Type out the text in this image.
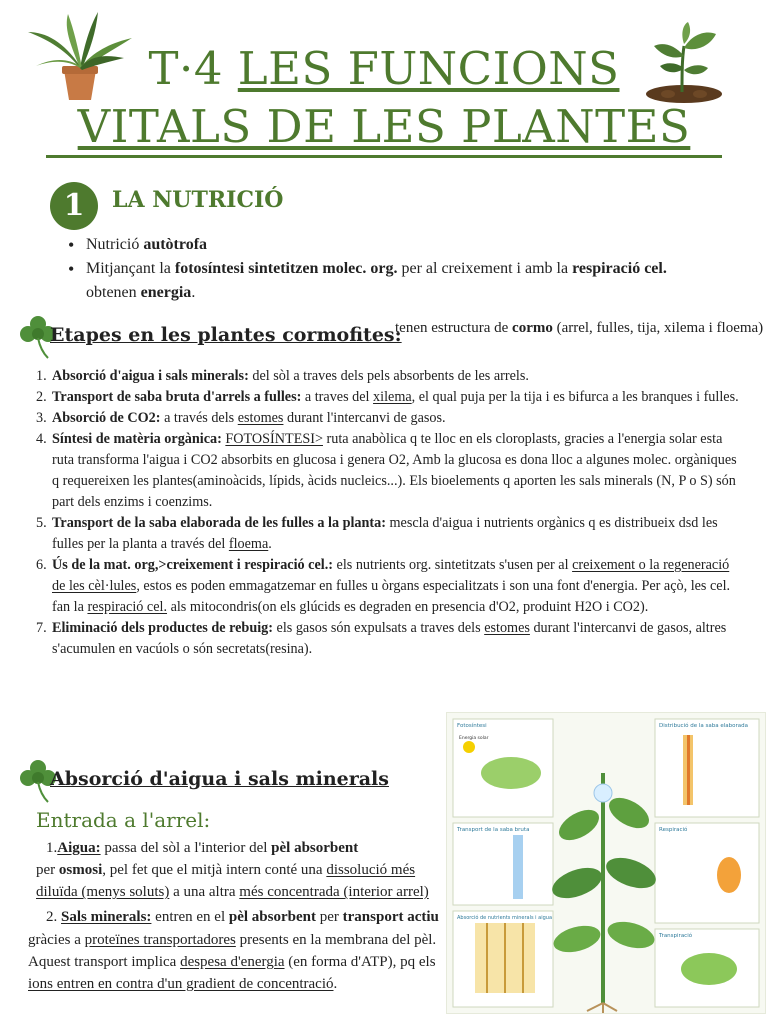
T·4 LES FUNCIONS
VITALS DE LES PLANTES
1	LA NUTRICIÓ
• Nutrició autòtrofa
• Mitjançant la fotosíntesi sintetitzen molec. org. per al creixement i amb la respiració cel. obtenen energia.
Etapes en les plantes cormofites:
tenen estructura de cormo (arrel, fulles, tija, xilema i floema)
1. Absorció d'aigua i sals minerals: del sòl a traves dels pels absorbents de les arrels.
2. Transport de saba bruta d'arrels a fulles: a traves del xilema, el qual puja per la tija i es bifurca a les branques i fulles.
3. Absorció de CO2: a través dels estomes durant l'intercanvi de gasos.
4. Síntesi de matèria orgànica: FOTOSÍNTESI> ruta anabòlica q te lloc en els cloroplasts, gracies a l'energia solar esta ruta transforma l'aigua i CO2 absorbits en glucosa i genera O2, Amb la glucosa es dona lloc a algunes molec. orgàniques q requereixen les plantes(aminoàcids, lípids, àcids nucleics...). Els bioelements q aporten les sals minerals (N, P o S) són part dels enzims i coenzims.
5. Transport de la saba elaborada de les fulles a la planta: mescla d'aigua i nutrients orgànics q es distribueix dsd les fulles per la planta a través del floema.
6. Ús de la mat. org,>creixement i respiració cel.: els nutrients org. sintetitzats s'usen per al creixement o la regeneració de les cèl·lules, estos es poden emmagatzemar en fulles u òrgans especialitzats i son una font d'energia. Per açò, les cel. fan la respiració cel. als mitocondris(on els glúcids es degraden en presencia d'O2, produint H2O i CO2).
7. Eliminació dels productes de rebuig: els gasos són expulsats a traves dels estomes durant l'intercanvi de gasos, altres s'acumulen en vacúols o són secretats(resina).
Absorció d'aigua i sals minerals
Entrada a l'arrel:
1.Aigua: passa del sòl a l'interior del pèl absorbent
per osmosi, pel fet que el mitjà intern conté una dissolució més diluïda (menys soluts) a una altra més concentrada (interior arrel)
2. Sals minerals: entren en el pèl absorbent per transport actiu
gràcies a proteïnes transportadores presents en la membrana del pèl. Aquest transport implica despesa d'energia (en forma d'ATP), pq els ions entren en contra d'un gradient de concentració.
Fotosíntesi
Energia solar
Distribució de la saba elaborada
Transport de la saba bruta	Respiració
Absorció de nutrients minerals i aigua
Transpiració
